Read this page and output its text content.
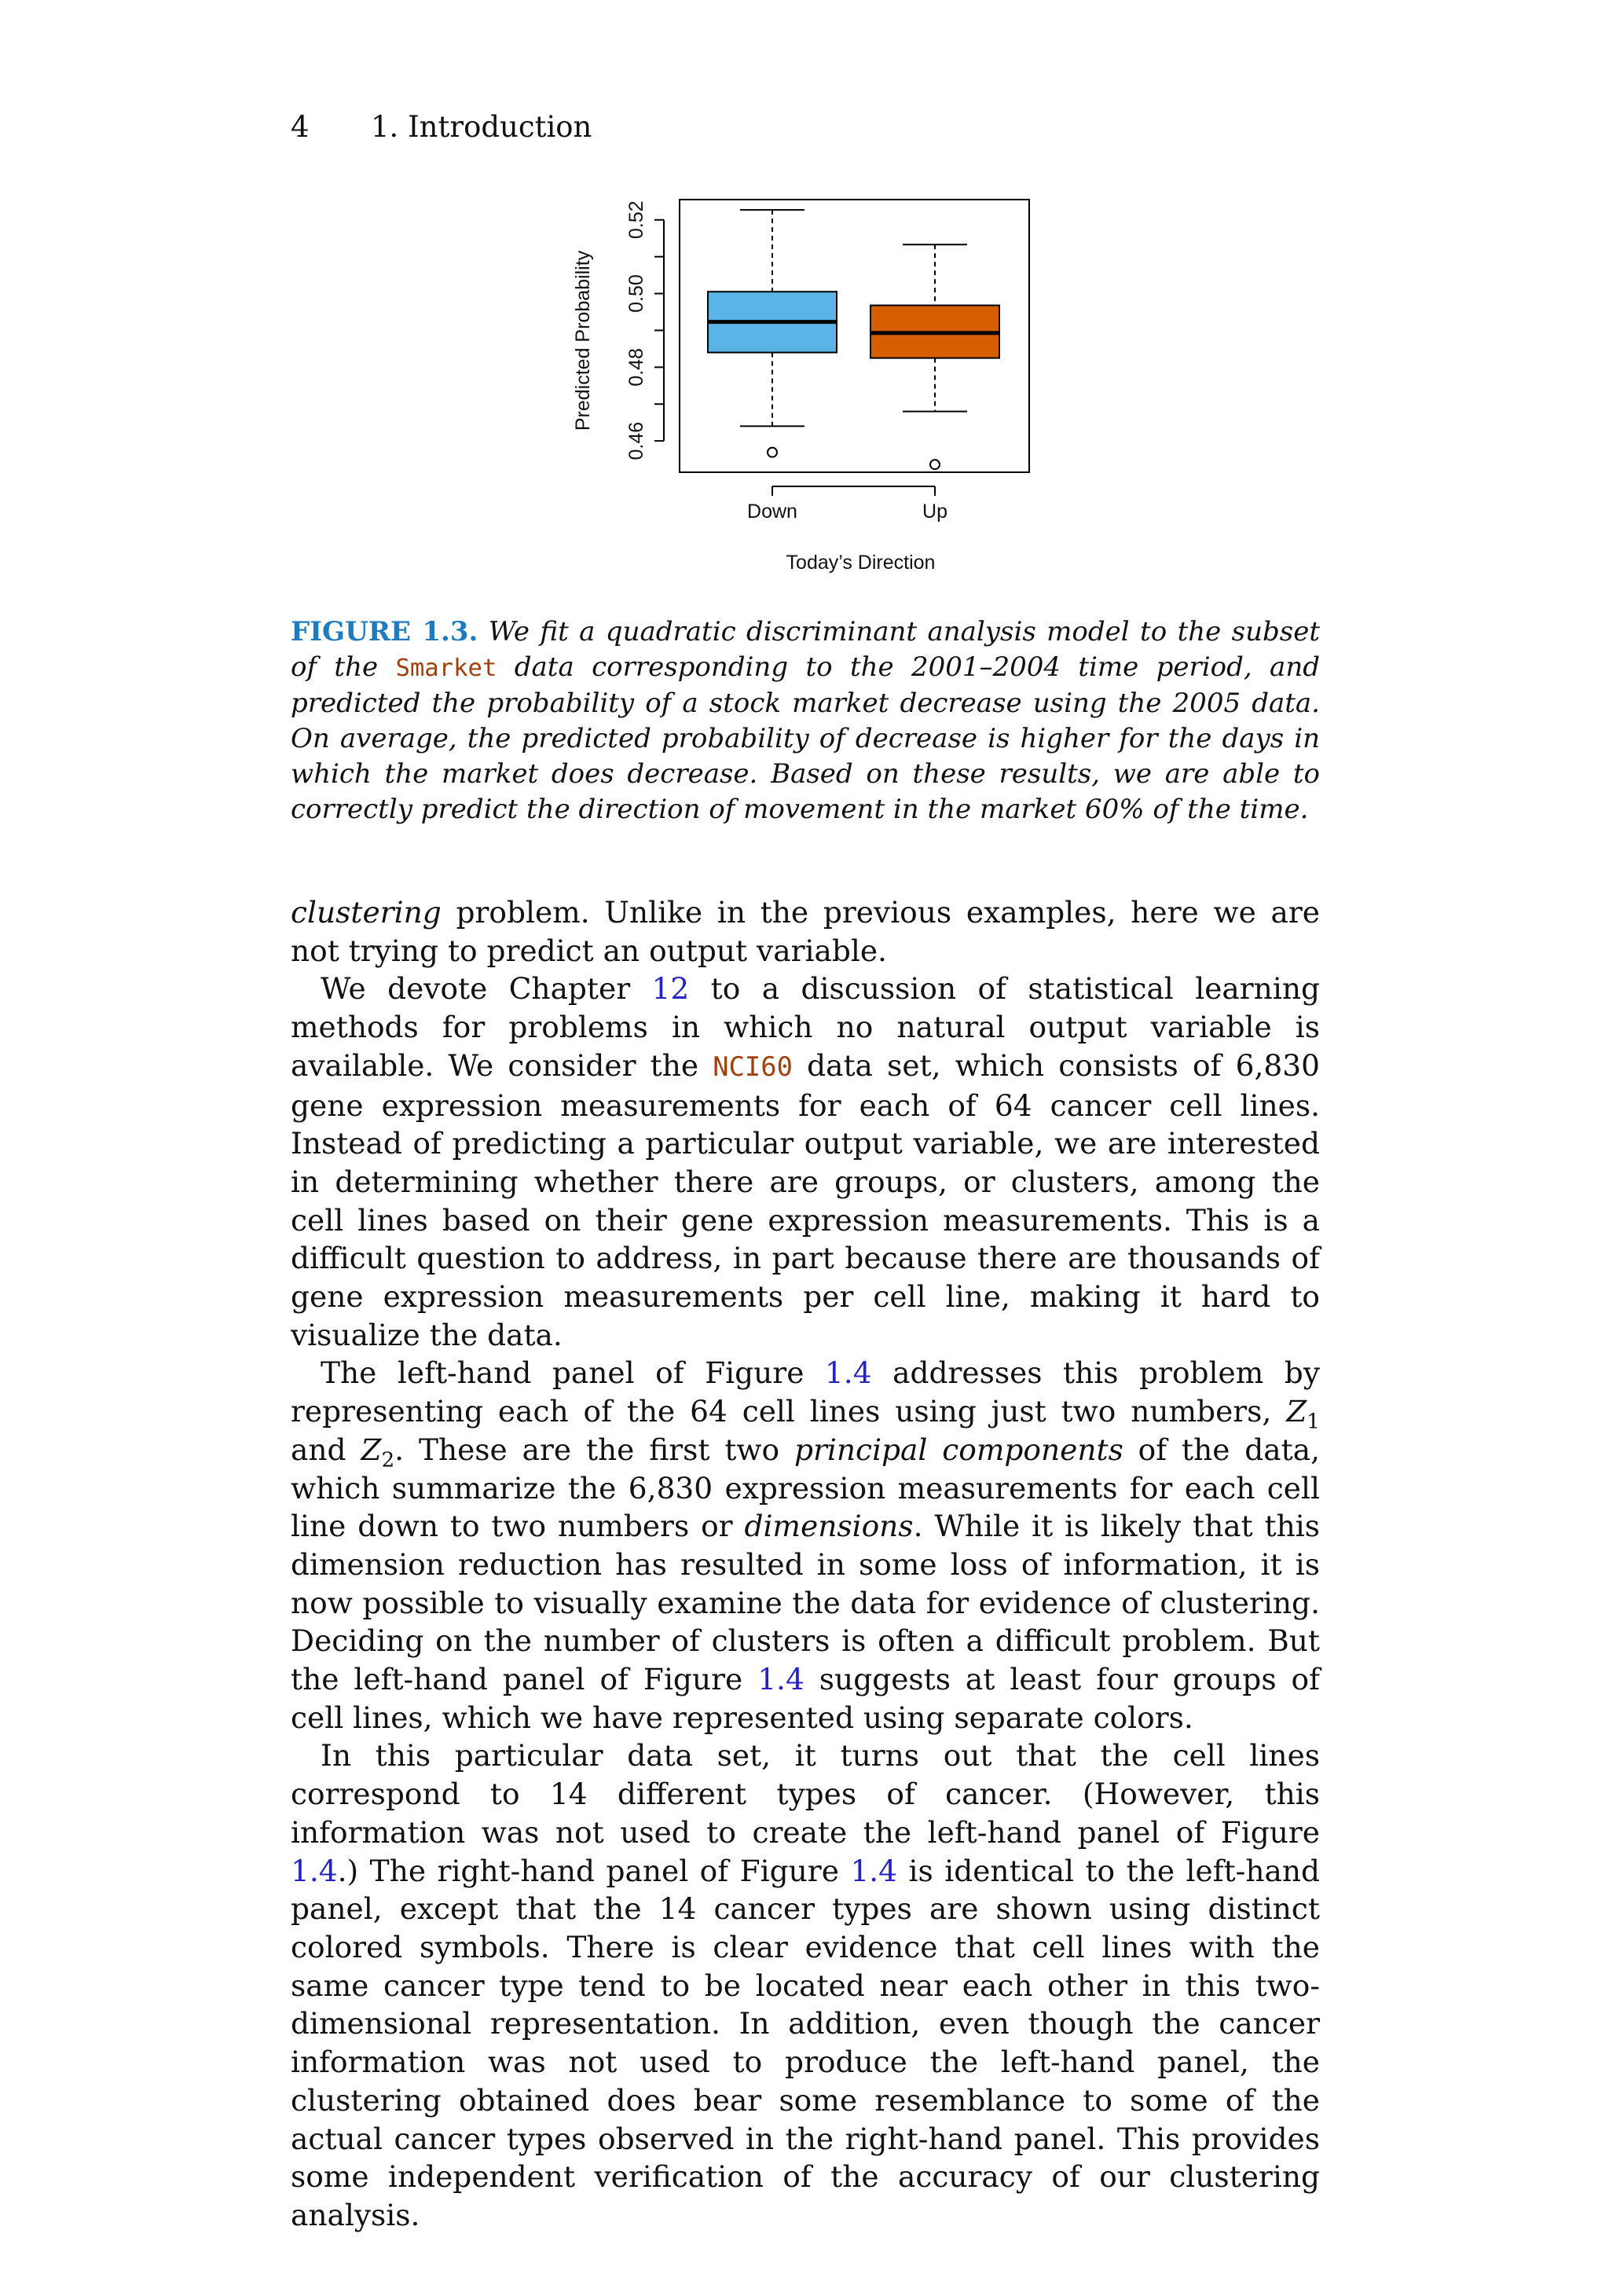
4 1. Introduction
0.46
0.48
0.50
0.52
Predicted Probability
Down	Up
Today’s Direction
FIGURE 1.3. We fit a quadratic discriminant analysis model to the subset of the Smarket data corresponding to the 2001–2004 time period, and predicted the probability of a stock market decrease using the 2005 data. On average, the predicted probability of decrease is higher for the days in which the market does decrease. Based on these results, we are able to correctly predict the direction of movement in the market 60% of the time.

clustering problem. Unlike in the previous examples, here we are not trying to predict an output variable.

We devote Chapter 12 to a discussion of statistical learning methods for problems in which no natural output variable is available. We consider the NCI60 data set, which consists of 6,830 gene expression measurements for each of 64 cancer cell lines. Instead of predicting a particular output variable, we are interested in determining whether there are groups, or clusters, among the cell lines based on their gene expression measurements. This is a difficult question to address, in part because there are thousands of gene expression measurements per cell line, making it hard to visualize the data.

The left-hand panel of Figure 1.4 addresses this problem by representing each of the 64 cell lines using just two numbers, $Z_1$ and $Z_2$. These are the first two principal components of the data, which summarize the 6,830 expression measurements for each cell line down to two numbers or dimensions. While it is likely that this dimension reduction has resulted in some loss of information, it is now possible to visually examine the data for evidence of clustering. Deciding on the number of clusters is often a difficult problem. But the left-hand panel of Figure 1.4 suggests at least four groups of cell lines, which we have represented using separate colors.

In this particular data set, it turns out that the cell lines correspond to 14 different types of cancer. (However, this information was not used to create the left-hand panel of Figure 1.4.) The right-hand panel of Figure 1.4 is identical to the left-hand panel, except that the 14 cancer types are shown using distinct colored symbols. There is clear evidence that cell lines with the same cancer type tend to be located near each other in this two-dimensional representation. In addition, even though the cancer information was not used to produce the left-hand panel, the clustering obtained does bear some resemblance to some of the actual cancer types observed in the right-hand panel. This provides some independent verification of the accuracy of our clustering analysis.
